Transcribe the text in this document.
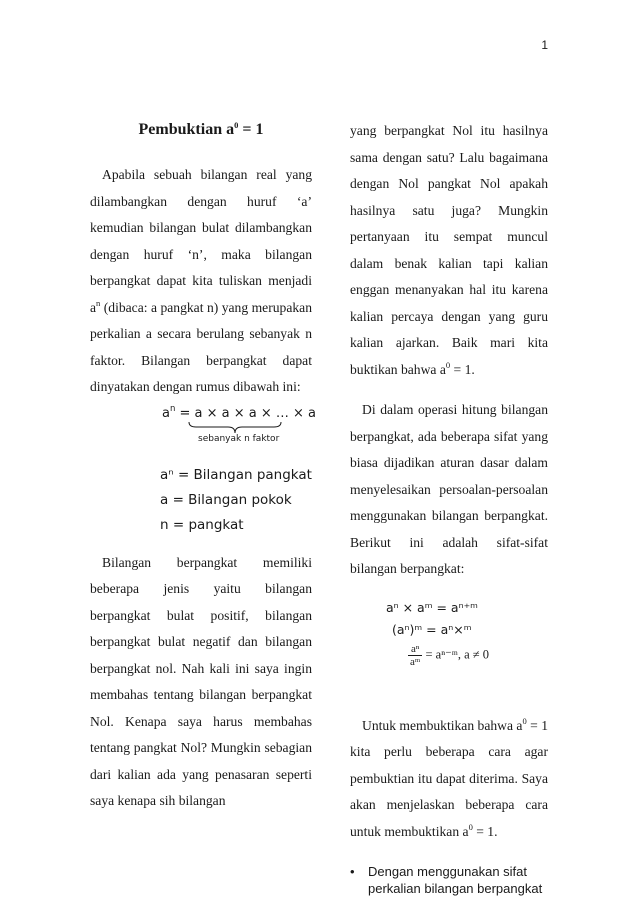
1
Pembuktian $a^0 = 1$

Apabila sebuah bilangan real yang dilambangkan dengan huruf ‘a’ kemudian bilangan bulat dilambangkan dengan huruf ‘n’, maka bilangan berpangkat dapat kita tuliskan menjadi $a^n$ (dibaca: a pangkat n) yang merupakan perkalian a secara berulang sebanyak n faktor. Bilangan berpangkat dapat dinyatakan dengan rumus dibawah ini:

$a^n = a \times a \times a$ × … × a
sebanyak n faktor
aⁿ = Bilangan pangkat
a = Bilangan pokok
n = pangkat

Bilangan berpangkat memiliki beberapa jenis yaitu bilangan berpangkat bulat positif, bilangan berpangkat bulat negatif dan bilangan berpangkat nol. Nah kali ini saya ingin membahas tentang bilangan berpangkat Nol. Kenapa saya harus membahas tentang pangkat Nol? Mungkin sebagian dari kalian ada yang penasaran seperti saya kenapa sih bilangan

yang berpangkat Nol itu hasilnya sama dengan satu? Lalu bagaimana dengan Nol pangkat Nol apakah hasilnya satu juga? Mungkin pertanyaan itu sempat muncul dalam benak kalian tapi kalian enggan menanyakan hal itu karena kalian percaya dengan yang guru kalian ajarkan. Baik mari kita buktikan bahwa $a^0 = 1$.

Di dalam operasi hitung bilangan berpangkat, ada beberapa sifat yang biasa dijadikan aturan dasar dalam menyelesaikan persoalan-persoalan menggunakan bilangan berpangkat. Berikut ini adalah sifat-sifat bilangan berpangkat:

aⁿ × aᵐ = aⁿ⁺ᵐ
(aⁿ)ᵐ = aⁿ×ᵐ
$\frac{\text{aⁿ}}{\text{aᵐ}}$ = aⁿ⁻ᵐ, a ≠ 0

Untuk membuktikan bahwa $a^0 = 1$ kita perlu beberapa cara agar pembuktian itu dapat diterima. Saya akan menjelaskan beberapa cara untuk membuktikan $a^0 = 1$.

•	Dengan menggunakan sifat perkalian bilangan berpangkat
